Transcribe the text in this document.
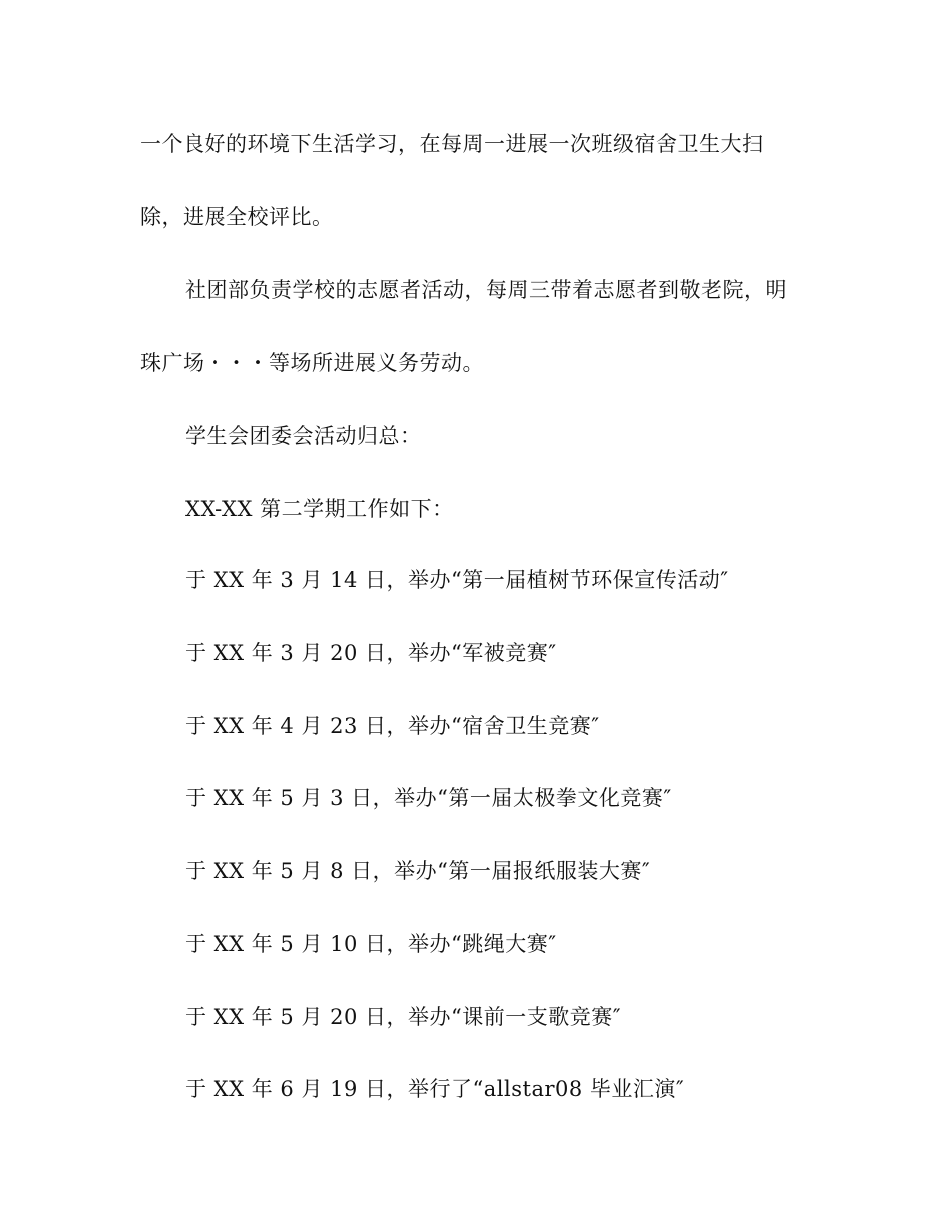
一个良好的环境下生活学习，在每周一进展一次班级宿舍卫生大扫
除，进展全校评比。
社团部负责学校的志愿者活动，每周三带着志愿者到敬老院，明
珠广场・・・等场所进展义务劳动。
学生会团委会活动归总：
XX-XX 第二学期工作如下：
于 XX 年 3 月 14 日，举办“第一届植树节环保宣传活动″
于 XX 年 3 月 20 日，举办“军被竞赛″
于 XX 年 4 月 23 日，举办“宿舍卫生竞赛″
于 XX 年 5 月 3 日，举办“第一届太极拳文化竞赛″
于 XX 年 5 月 8 日，举办“第一届报纸服装大赛″
于 XX 年 5 月 10 日，举办“跳绳大赛″
于 XX 年 5 月 20 日，举办“课前一支歌竞赛″
于 XX 年 6 月 19 日，举行了“allstar08 毕业汇演″
